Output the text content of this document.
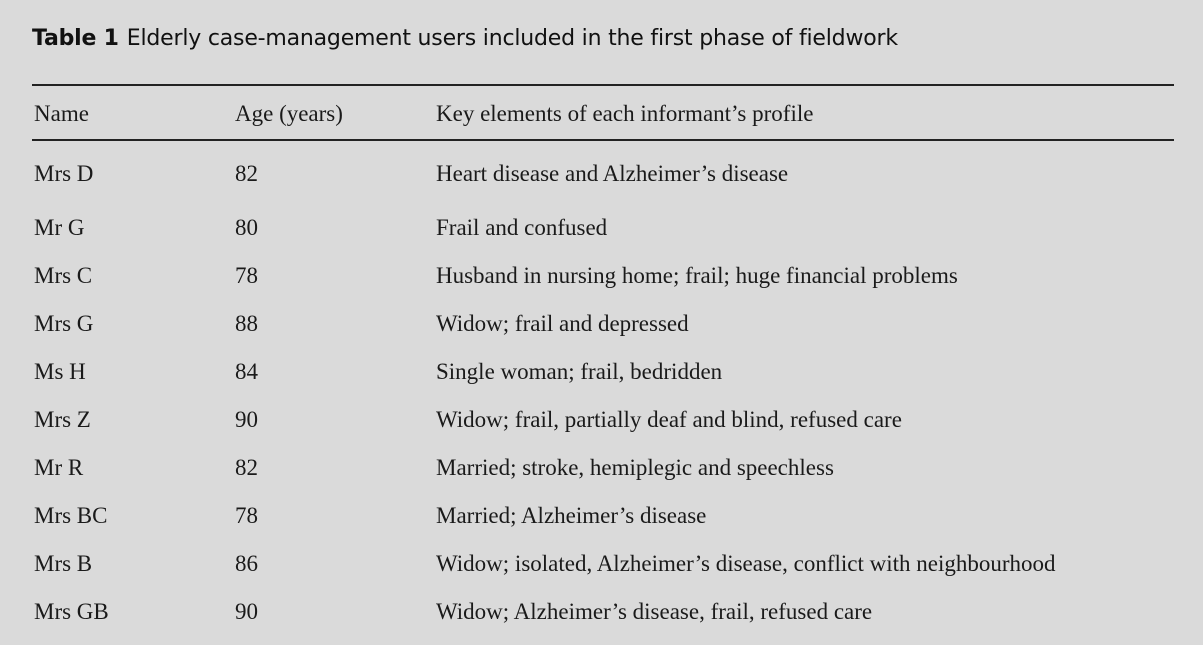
Table 1 Elderly case-management users included in the first phase of fieldwork
Name	Age (years)	Key elements of each informant’s profile
Mrs D	82	Heart disease and Alzheimer’s disease
Mr G	80	Frail and confused
Mrs C	78	Husband in nursing home; frail; huge financial problems
Mrs G	88	Widow; frail and depressed
Ms H	84	Single woman; frail, bedridden
Mrs Z	90	Widow; frail, partially deaf and blind, refused care
Mr R	82	Married; stroke, hemiplegic and speechless
Mrs BC	78	Married; Alzheimer’s disease
Mrs B	86	Widow; isolated, Alzheimer’s disease, conflict with neighbourhood
Mrs GB	90	Widow; Alzheimer’s disease, frail, refused care
